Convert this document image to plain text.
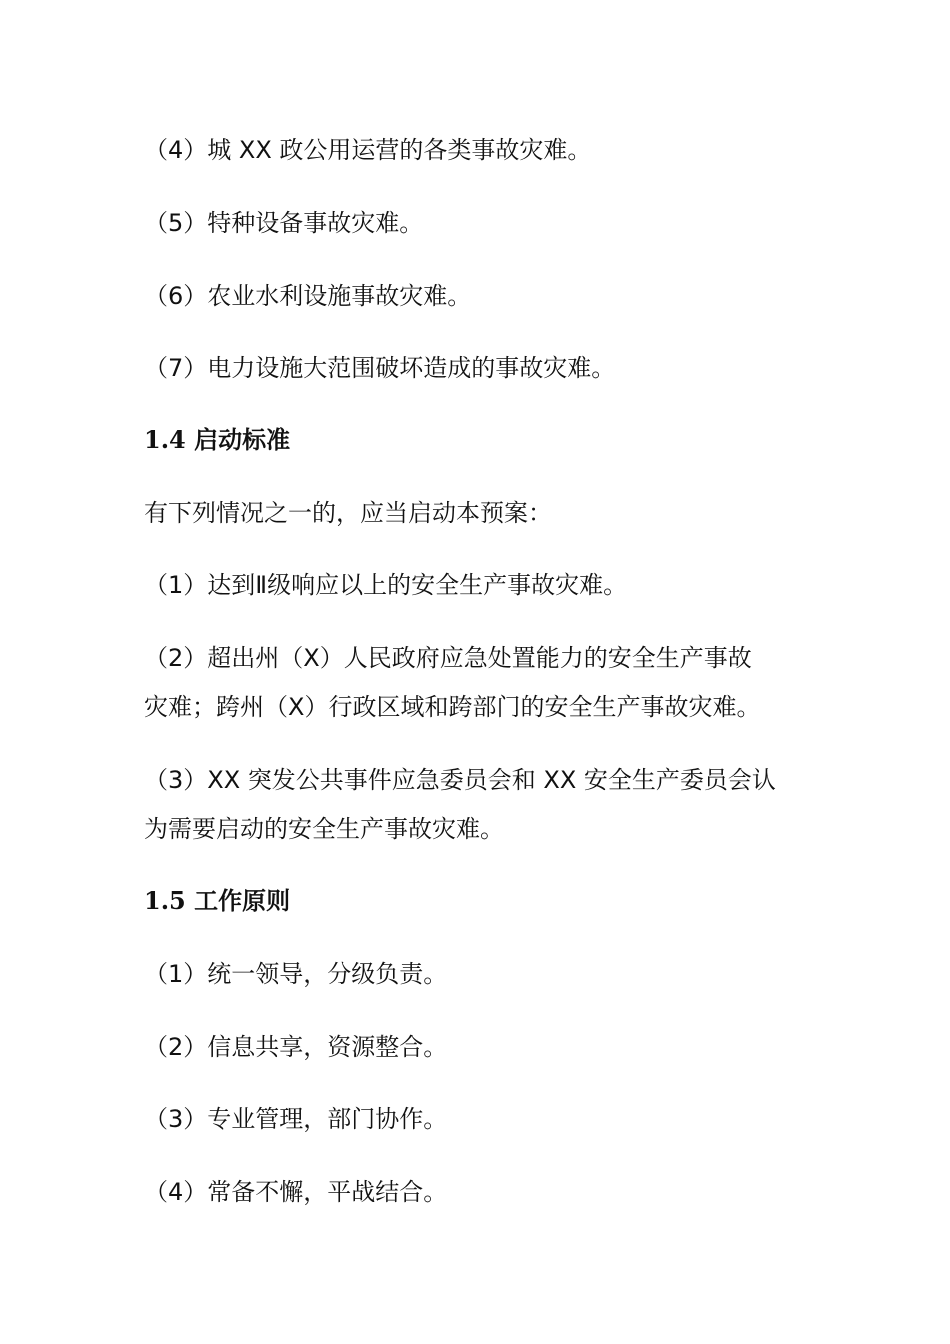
（4）城 XX 政公用运营的各类事故灾难。
（5）特种设备事故灾难。
（6）农业水利设施事故灾难。
（7）电力设施大范围破坏造成的事故灾难。
1.4 启动标准
有下列情况之一的，应当启动本预案：
（1）达到Ⅱ级响应以上的安全生产事故灾难。
（2）超出州（X）人民政府应急处置能力的安全生产事故
灾难；跨州（X）行政区域和跨部门的安全生产事故灾难。
（3）XX 突发公共事件应急委员会和 XX 安全生产委员会认
为需要启动的安全生产事故灾难。
1.5 工作原则
（1）统一领导，分级负责。
（2）信息共享，资源整合。
（3）专业管理，部门协作。
（4）常备不懈，平战结合。
